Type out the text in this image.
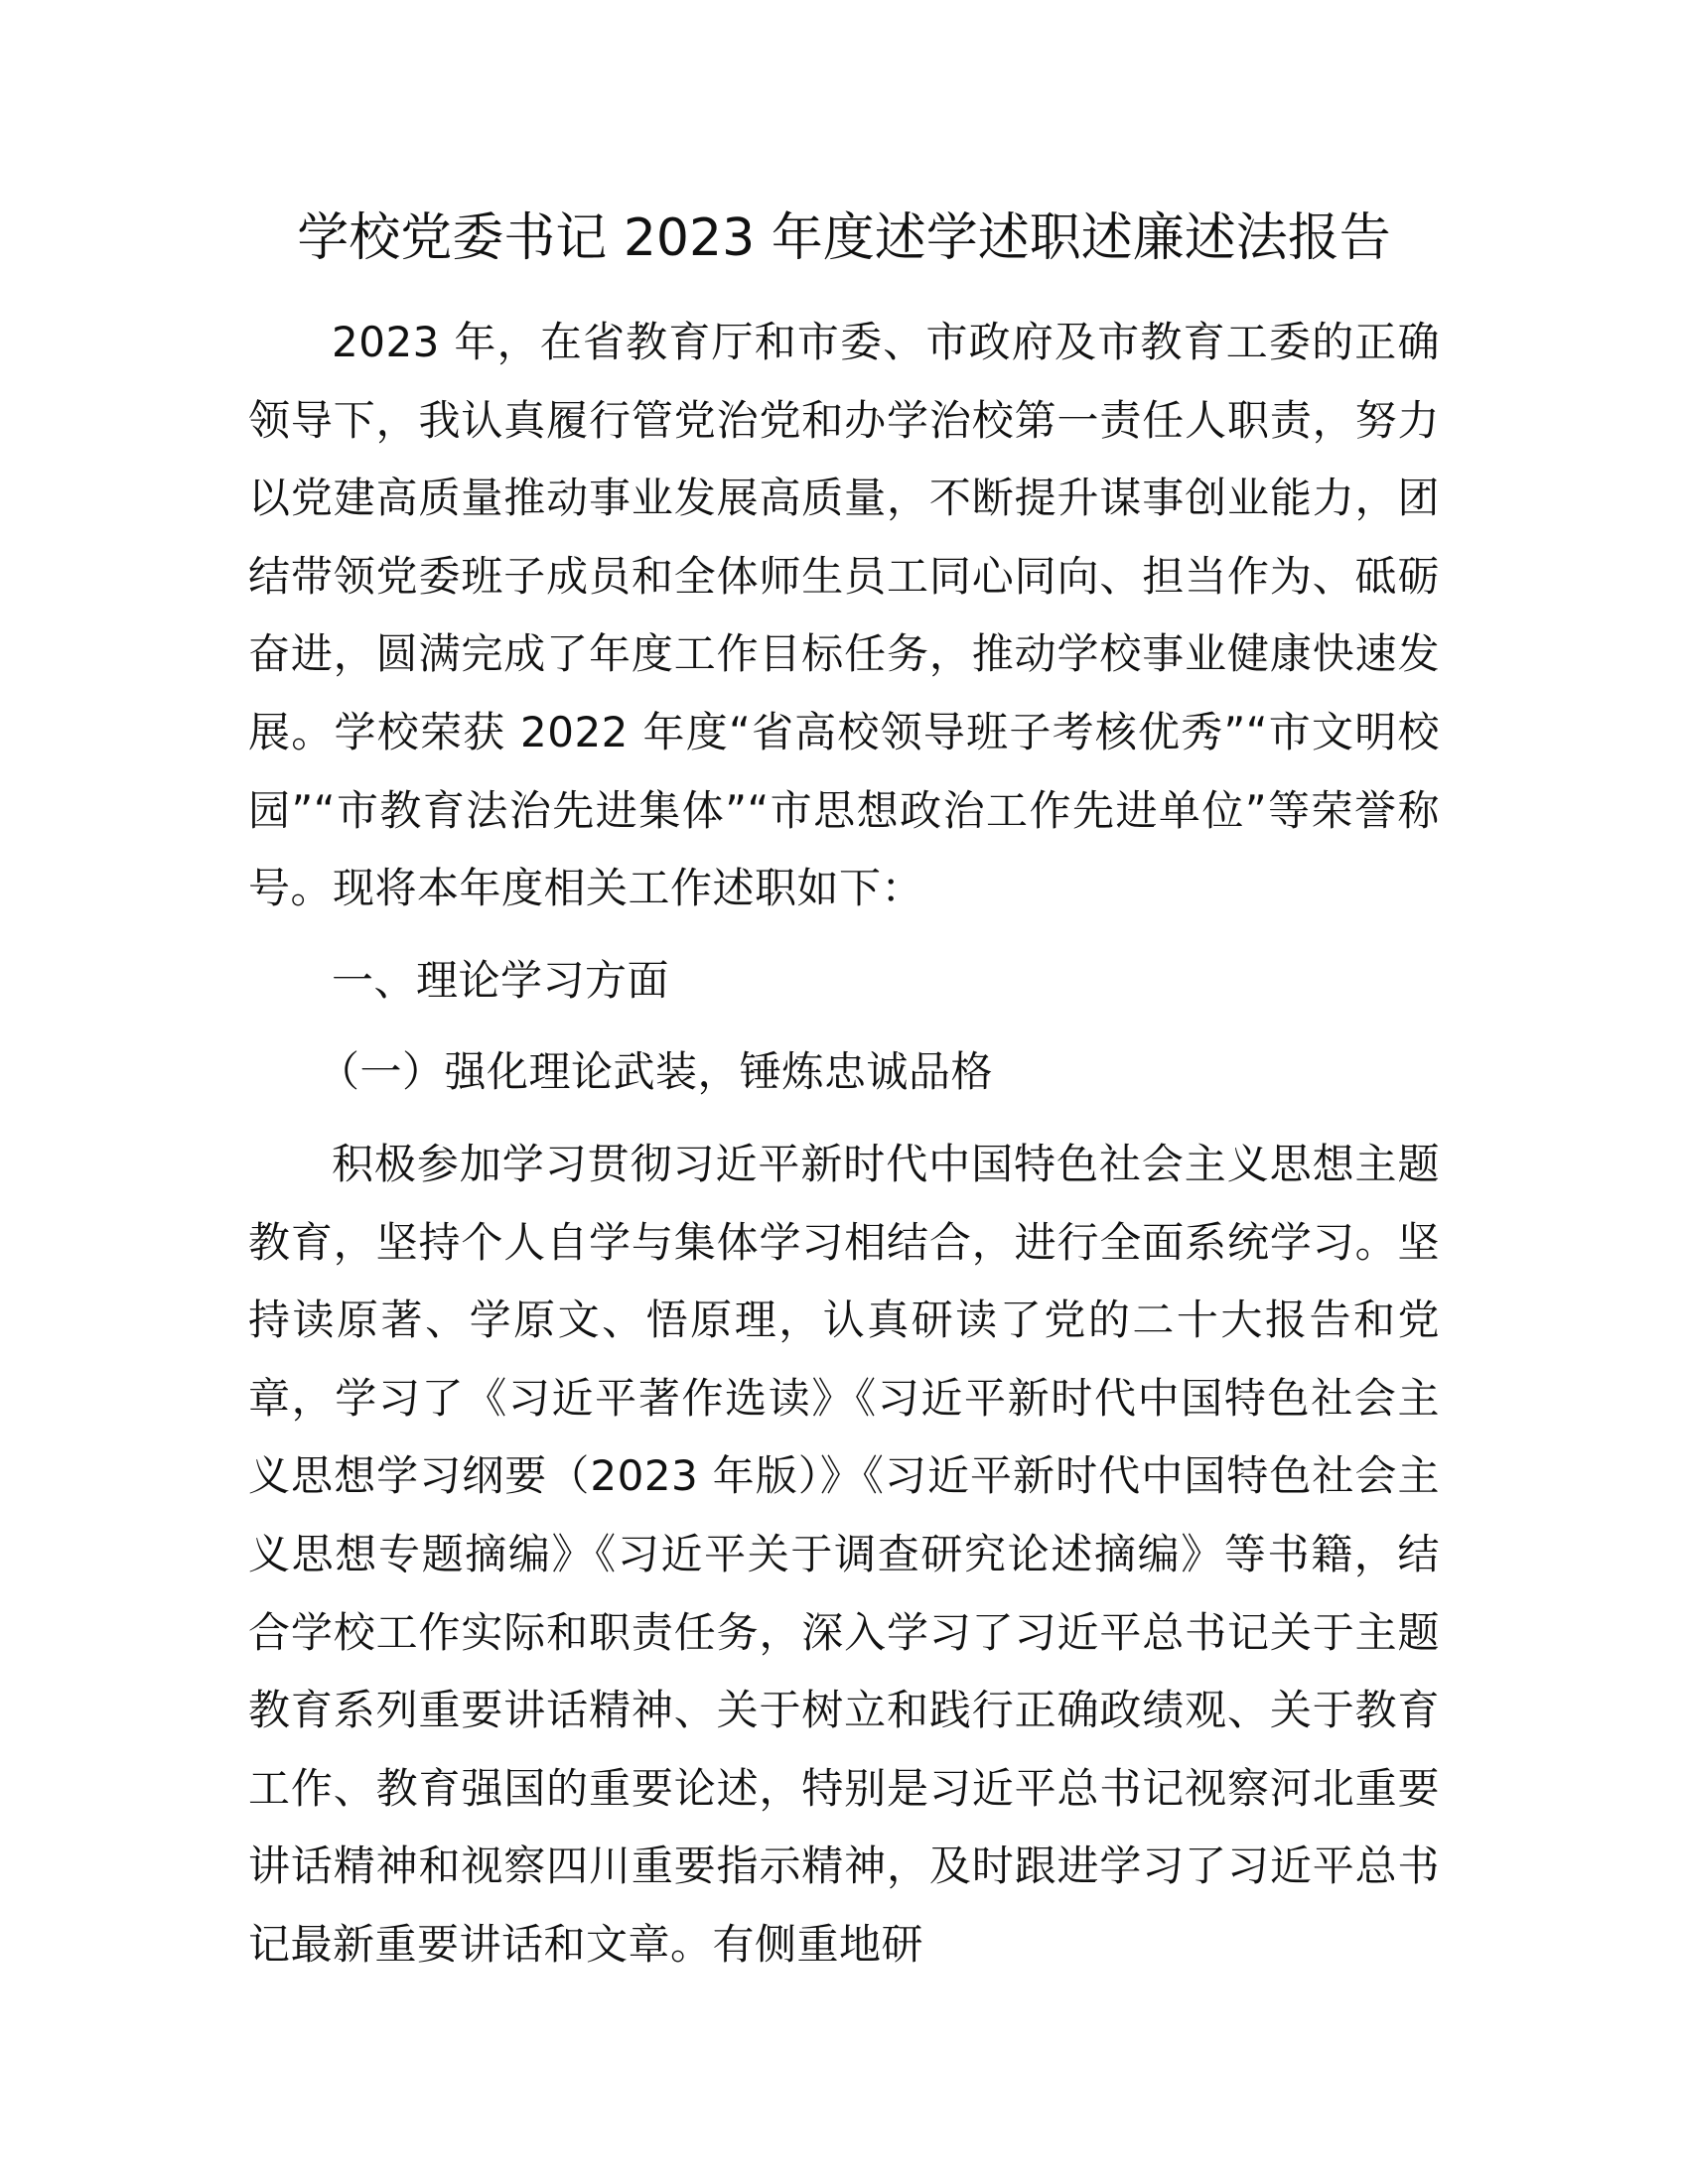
学校党委书记 2023 年度述学述职述廉述法报告

2023 年，在省教育厅和市委、市政府及市教育工委的正确领导下，我认真履行管党治党和办学治校第一责任人职责，努力以党建高质量推动事业发展高质量，不断提升谋事创业能力，团结带领党委班子成员和全体师生员工同心同向、担当作为、砥砺奋进，圆满完成了年度工作目标任务，推动学校事业健康快速发展。学校荣获 2022 年度“省高校领导班子考核优秀”“市文明校园”“市教育法治先进集体”“市思想政治工作先进单位”等荣誉称号。现将本年度相关工作述职如下：

一、理论学习方面

（一）强化理论武装，锤炼忠诚品格

积极参加学习贯彻习近平新时代中国特色社会主义思想主题教育，坚持个人自学与集体学习相结合，进行全面系统学习。坚持读原著、学原文、悟原理，认真研读了党的二十大报告和党章，学习了《习近平著作选读》《习近平新时代中国特色社会主义思想学习纲要（2023 年版）》《习近平新时代中国特色社会主义思想专题摘编》《习近平关于调查研究论述摘编》等书籍，结合学校工作实际和职责任务，深入学习了习近平总书记关于主题教育系列重要讲话精神、关于树立和践行正确政绩观、关于教育工作、教育强国的重要论述，特别是习近平总书记视察河北重要讲话精神和视察四川重要指示精神，及时跟进学习了习近平总书记最新重要讲话和文章。有侧重地研
